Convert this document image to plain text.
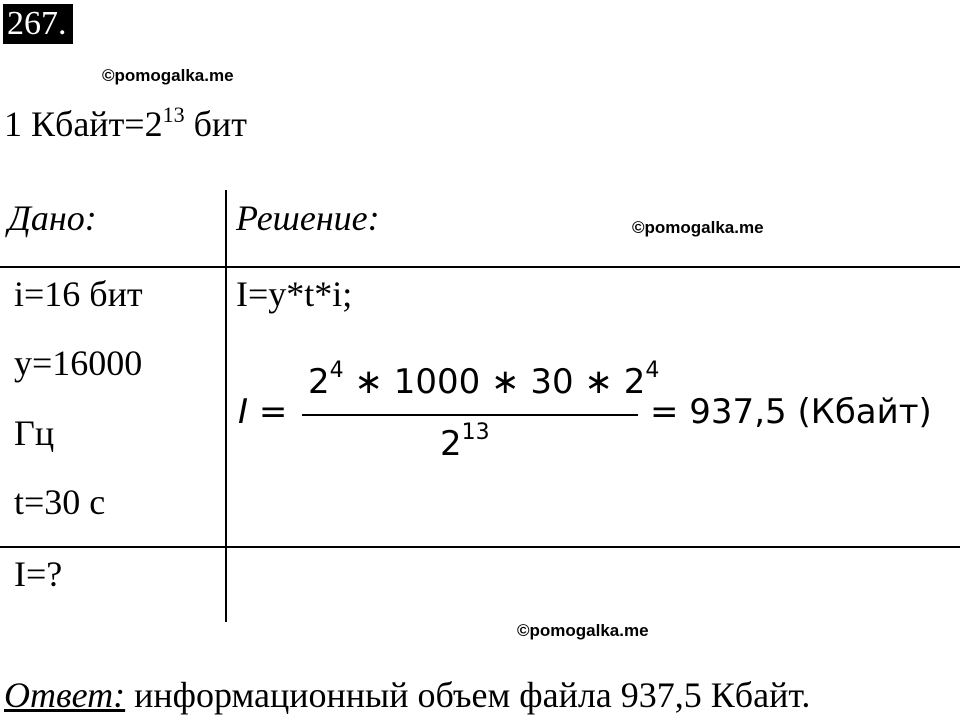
267.
©pomogalka.me
©pomogalka.me
©pomogalka.me
1 $Кбайт=2^{13}$ бит
Дано:	Решение:
i=16 бит
y=16000
Гц
t=30 с
I=?
I=y*t*i;
I =
$2^4$ ∗ 1000 ∗ 30 ∗ $2^4$
$2^{13}$
= 937,5 (Кбайт)
Ответ: информационный объем файла 937,5 Кбайт.
